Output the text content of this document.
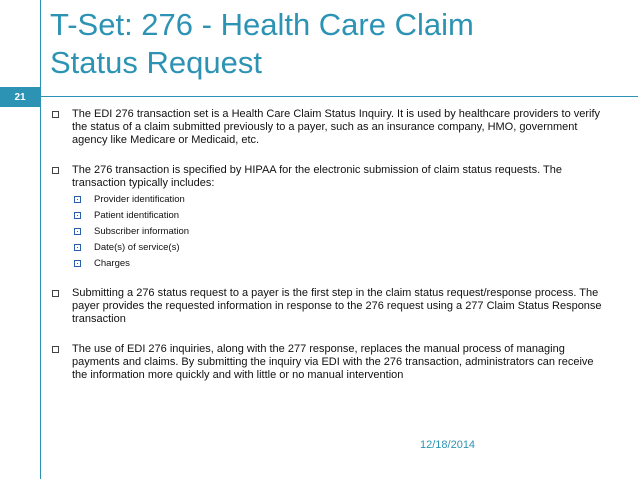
21
T-Set: 276 - Health Care Claim
Status Request
The EDI 276 transaction set is a Health Care Claim Status Inquiry. It is used by healthcare providers to verify the status of a claim submitted previously to a payer, such as an insurance company, HMO, government agency like Medicare or Medicaid, etc.
The 276 transaction is specified by HIPAA for the electronic submission of claim status requests. The transaction typically includes:
Provider identification
Patient identification
Subscriber information
Date(s) of service(s)
Charges
Submitting a 276 status request to a payer is the first step in the claim status request/response process. The payer provides the requested information in response to the 276 request using a 277 Claim Status Response transaction
The use of EDI 276 inquiries, along with the 277 response, replaces the manual process of managing payments and claims. By submitting the inquiry via EDI with the 276 transaction, administrators can receive the information more quickly and with little or no manual intervention
12/18/2014
